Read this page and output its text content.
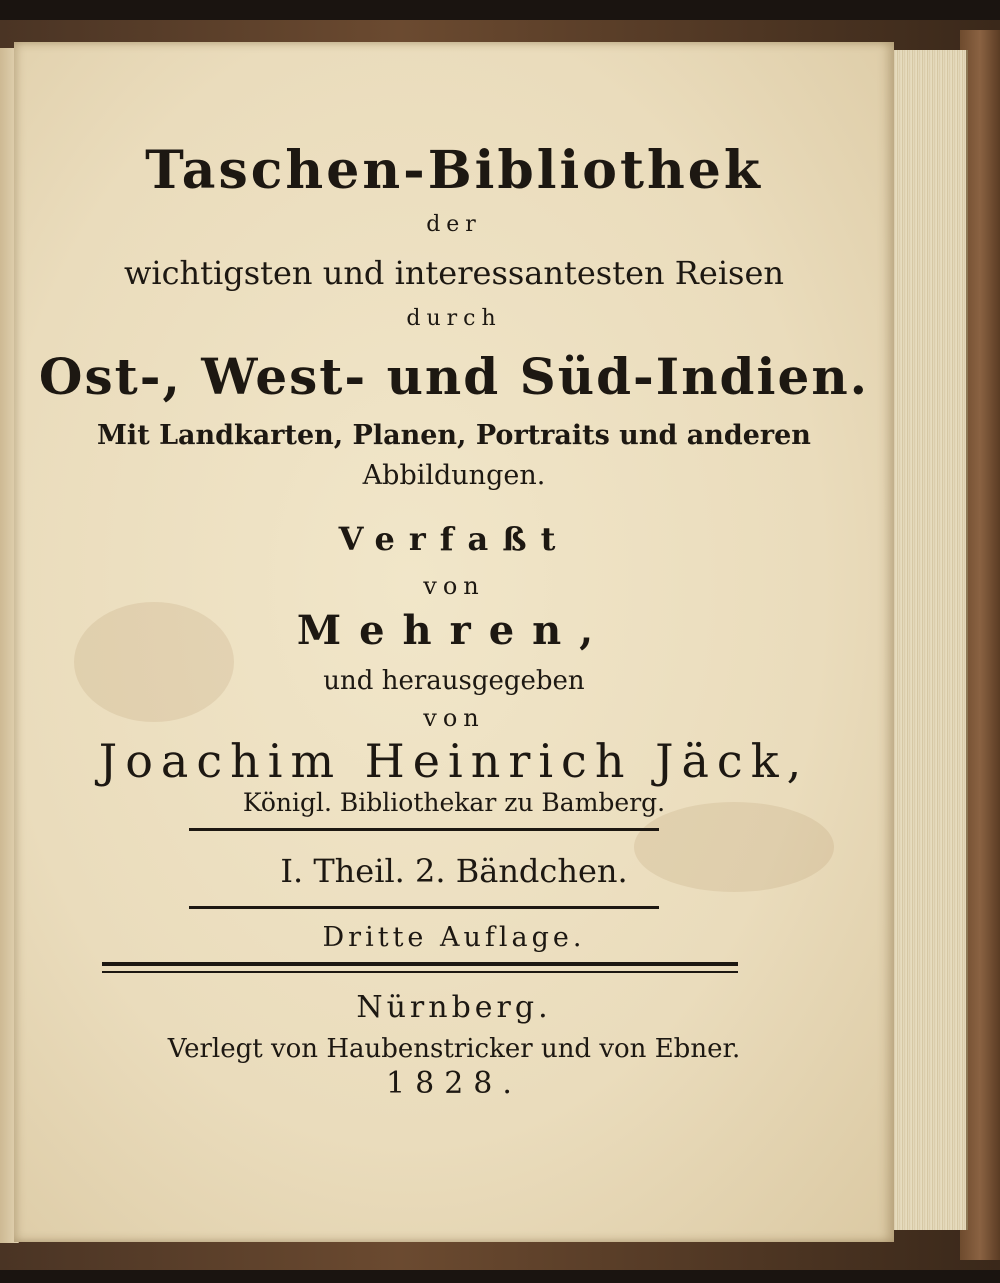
Taschen-Bibliothek
der
wichtigsten und interessantesten Reisen
durch
Ost-, West- und Süd-Indien.
Mit Landkarten, Planen, Portraits und anderen
Abbildungen.
Verfaßt
von
Mehren,
und herausgegeben
von
Joachim Heinrich Jäck,
Königl. Bibliothekar zu Bamberg.
I. Theil. 2. Bändchen.
Dritte Auflage.
Nürnberg.
Verlegt von Haubenstricker und von Ebner.
1828.
